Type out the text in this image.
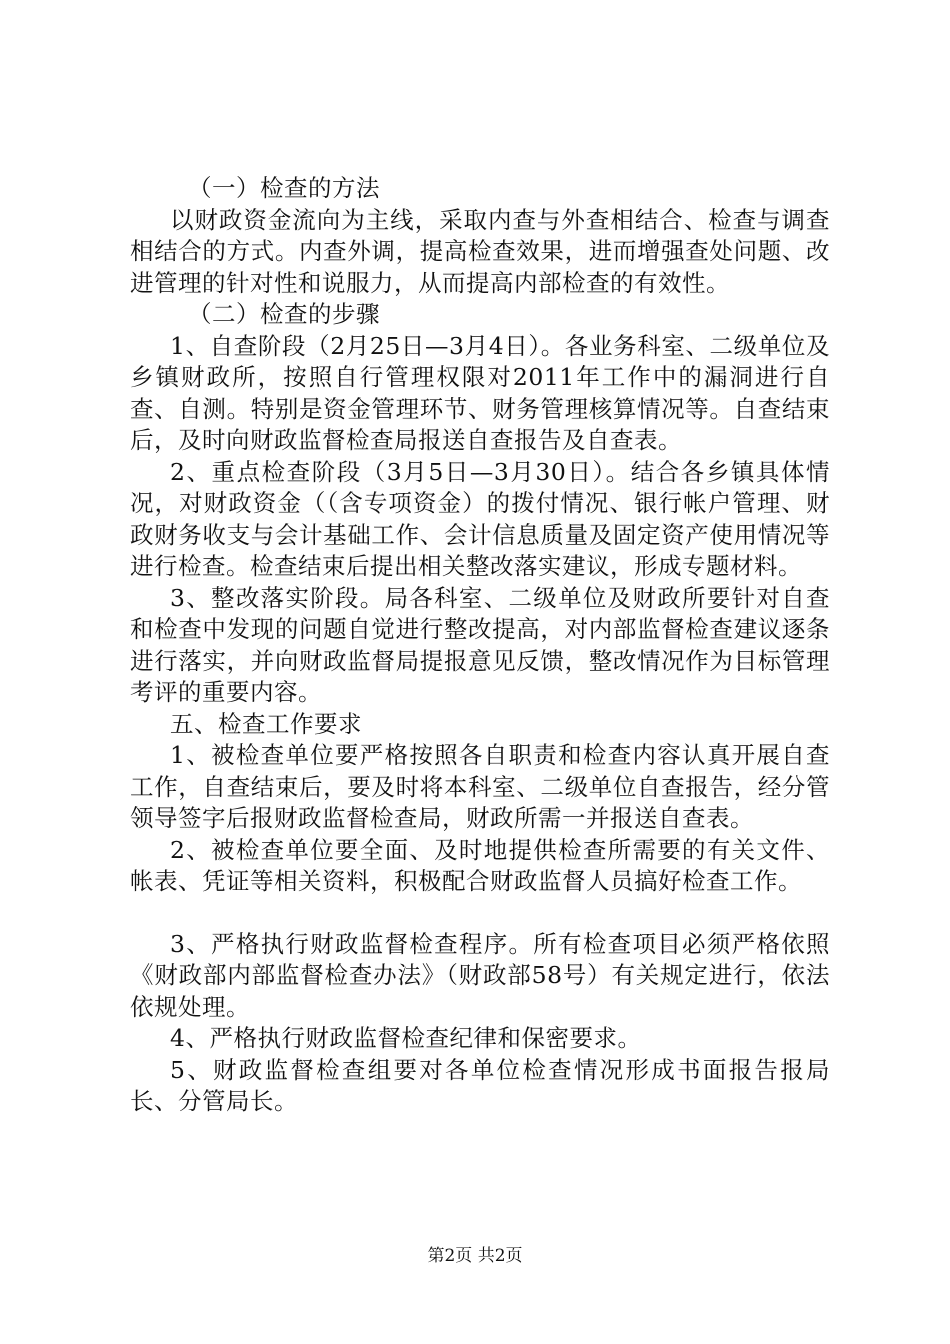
（一）检查的方法

以财政资金流向为主线，采取内查与外查相结合、检查与调查相结合的方式。内查外调，提高检查效果，进而增强查处问题、改进管理的针对性和说服力，从而提高内部检查的有效性。

（二）检查的步骤

1、自查阶段（2月25日—3月4日）。各业务科室、二级单位及乡镇财政所，按照自行管理权限对2011年工作中的漏洞进行自查、自测。特别是资金管理环节、财务管理核算情况等。自查结束后，及时向财政监督检查局报送自查报告及自查表。

2、重点检查阶段（3月5日—3月30日）。结合各乡镇具体情况，对财政资金（（含专项资金）的拨付情况、银行帐户管理、财政财务收支与会计基础工作、会计信息质量及固定资产使用情况等进行检查。检查结束后提出相关整改落实建议，形成专题材料。

3、整改落实阶段。局各科室、二级单位及财政所要针对自查和检查中发现的问题自觉进行整改提高，对内部监督检查建议逐条进行落实，并向财政监督局提报意见反馈，整改情况作为目标管理考评的重要内容。

五、检查工作要求

1、被检查单位要严格按照各自职责和检查内容认真开展自查工作，自查结束后，要及时将本科室、二级单位自查报告，经分管领导签字后报财政监督检查局，财政所需一并报送自查表。

2、被检查单位要全面、及时地提供检查所需要的有关文件、帐表、凭证等相关资料，积极配合财政监督人员搞好检查工作。

3、严格执行财政监督检查程序。所有检查项目必须严格依照《财政部内部监督检查办法》（财政部58号）有关规定进行，依法依规处理。

4、严格执行财政监督检查纪律和保密要求。

5、财政监督检查组要对各单位检查情况形成书面报告报局长、分管局长。

第2页 共2页
